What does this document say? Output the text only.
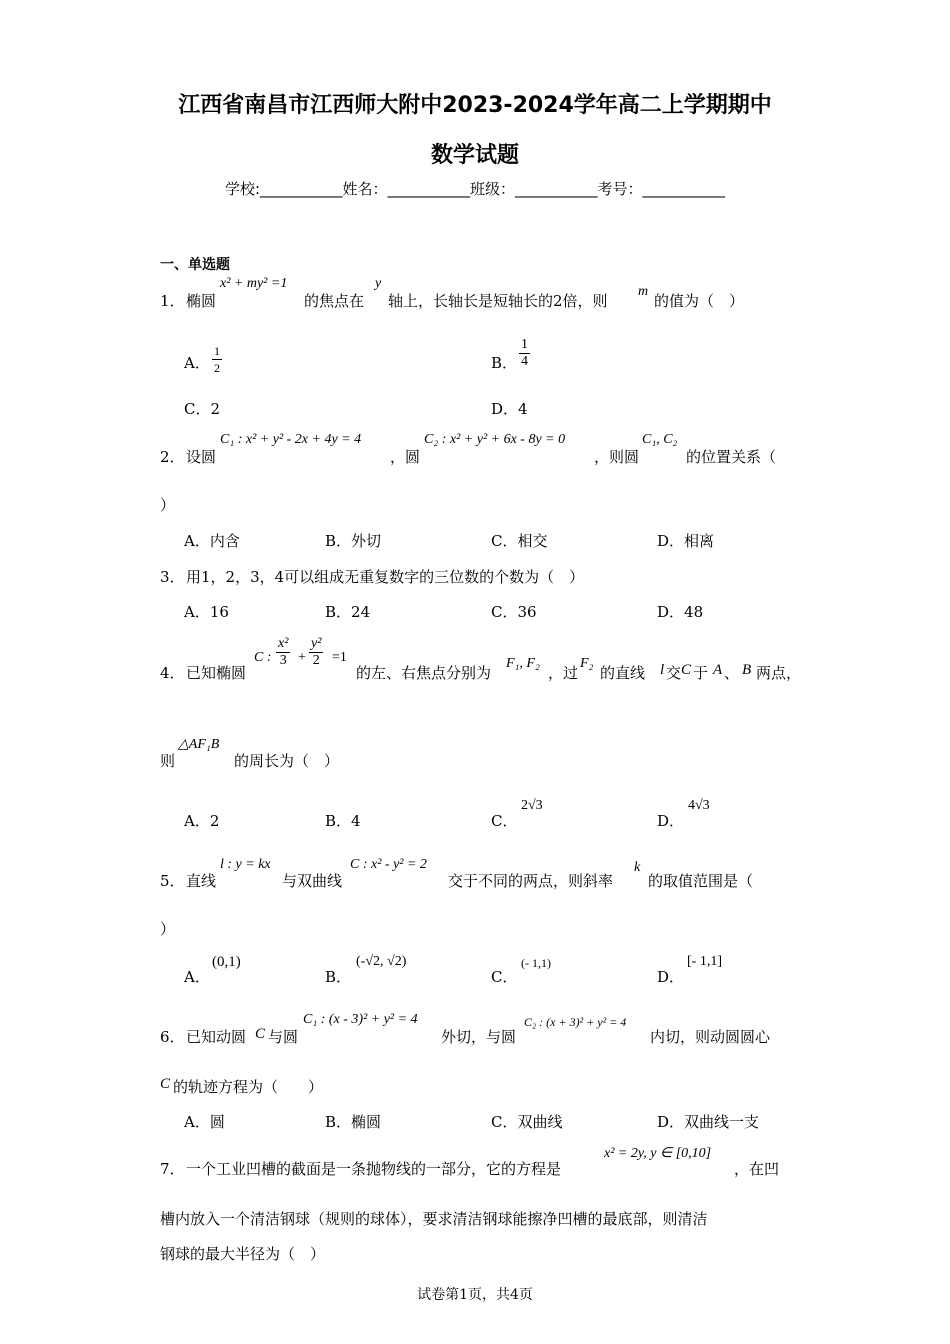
江西省南昌市江西师大附中2023-2024学年高二上学期期中
数学试题
学校:___________姓名：___________班级：___________考号：___________
一、单选题
1． 椭圆
x² + my² =1
的焦点在
y
轴上，长轴长是短轴长的2倍，则
m
的值为（　）
A． $\frac{1}{2}$	B． $\frac{1}{4}$
C．2	D．4
2． 设圆
C₁ : x² + y² - 2x + 4y = 4
，圆
C₂ : x² + y² + 6x - 8y = 0
，则圆
C₁, C₂
的位置关系（
）
A．内含	B．外切	C．相交	D．相离
3． 用1，2，3，4可以组成无重复数字的三位数的个数为（　）
A．16	B．24	C．36	D．48
4． 已知椭圆
C : $\frac{\text{x²}}{3} + \frac{\text{y²}}{2} =1$
的左、右焦点分别为
F₁, F₂
，过
F₂
的直线 l 交 C 于 A 、 B 两点，
则
△AF₁B
的周长为（　）
A．2	B．4	C．
2√3
D．
4√3
5． 直线
l : y = kx
与双曲线
C : x² - y² = 2
交于不同的两点，则斜率
k
的取值范围是（
）
A．
(0,1)
B．
(-√2, √2)
C．
(- 1,1)
D．
[- 1,1]
6． 已知动圆 C 与圆
C₁ : (x - 3)² + y² = 4
外切，与圆
C₂ : (x + 3)² + y² = 4
内切，则动圆圆心
C 的轨迹方程为（　　）
A．圆	B．椭圆	C．双曲线	D．双曲线一支
7． 一个工业凹槽的截面是一条抛物线的一部分，它的方程是
x² = 2y, y ∈ [0,10]
，在凹
槽内放入一个清洁钢球（规则的球体），要求清洁钢球能擦净凹槽的最底部，则清洁
钢球的最大半径为（　）
试卷第1页，共4页
